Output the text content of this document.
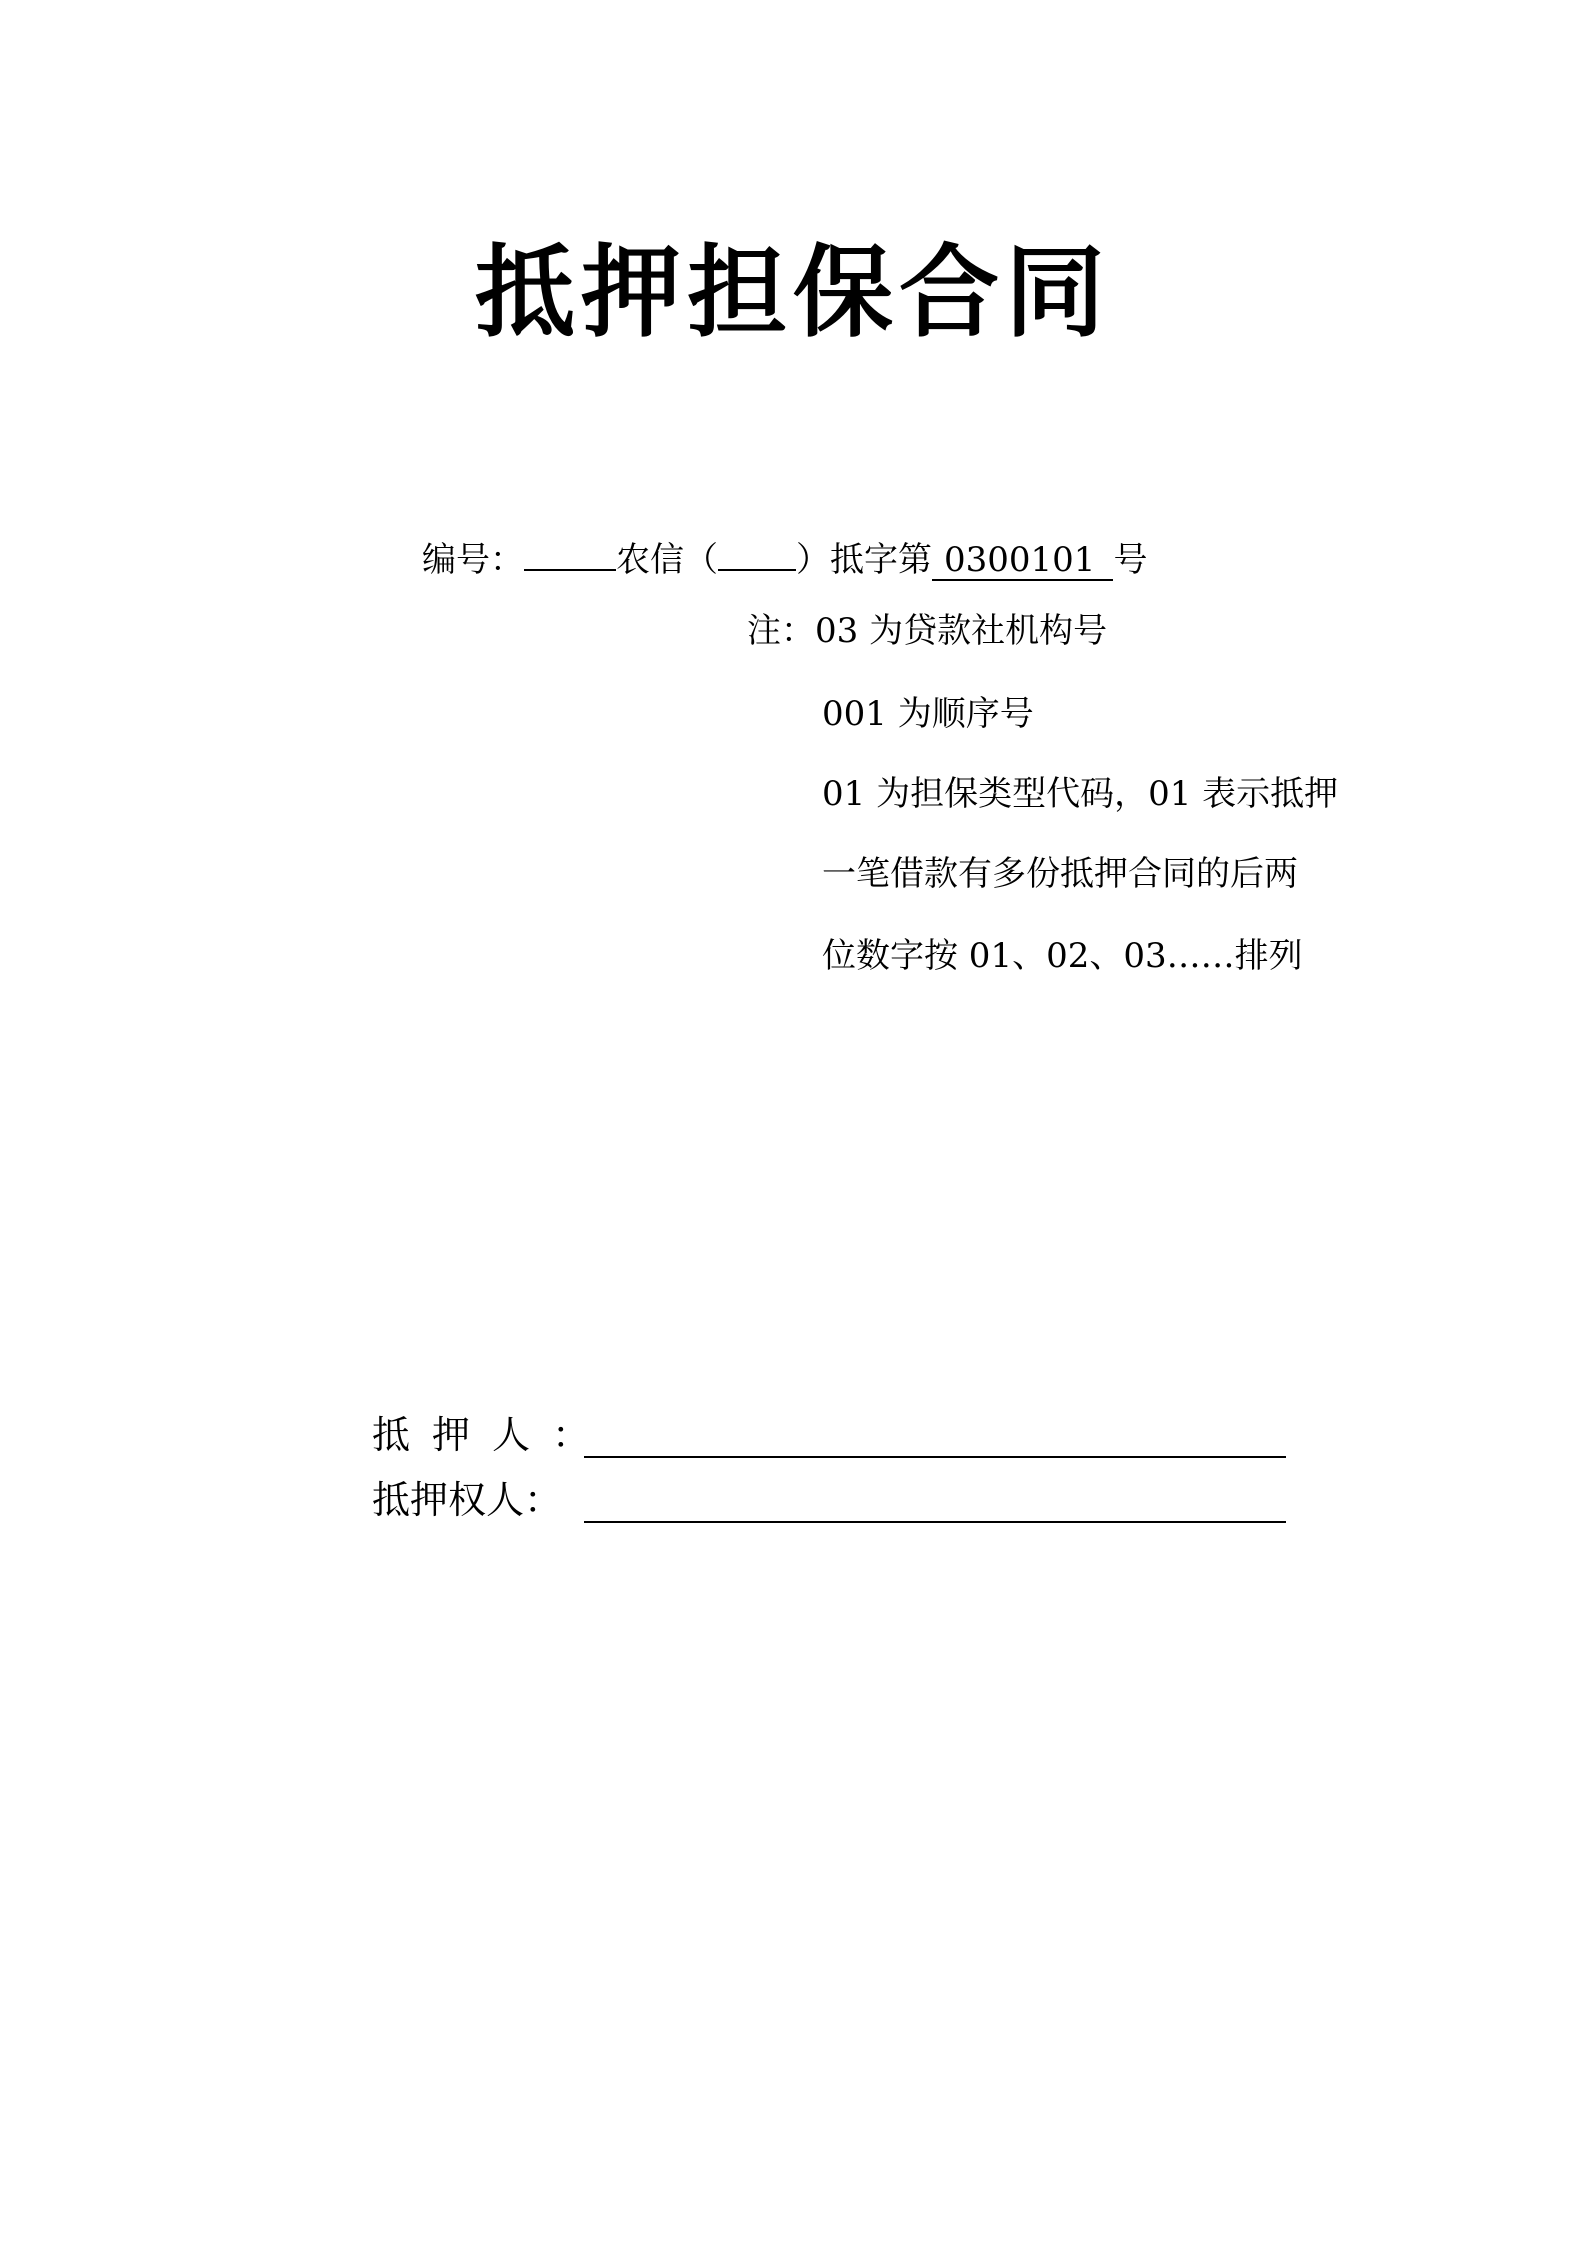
抵押担保合同
编号：	农信（ ）抵字第 0300101 号
注：03 为贷款社机构号
001 为顺序号
01 为担保类型代码，01 表示抵押
一笔借款有多份抵押合同的后两
位数字按 01、02、03……排列
抵押人：
抵押权人：
